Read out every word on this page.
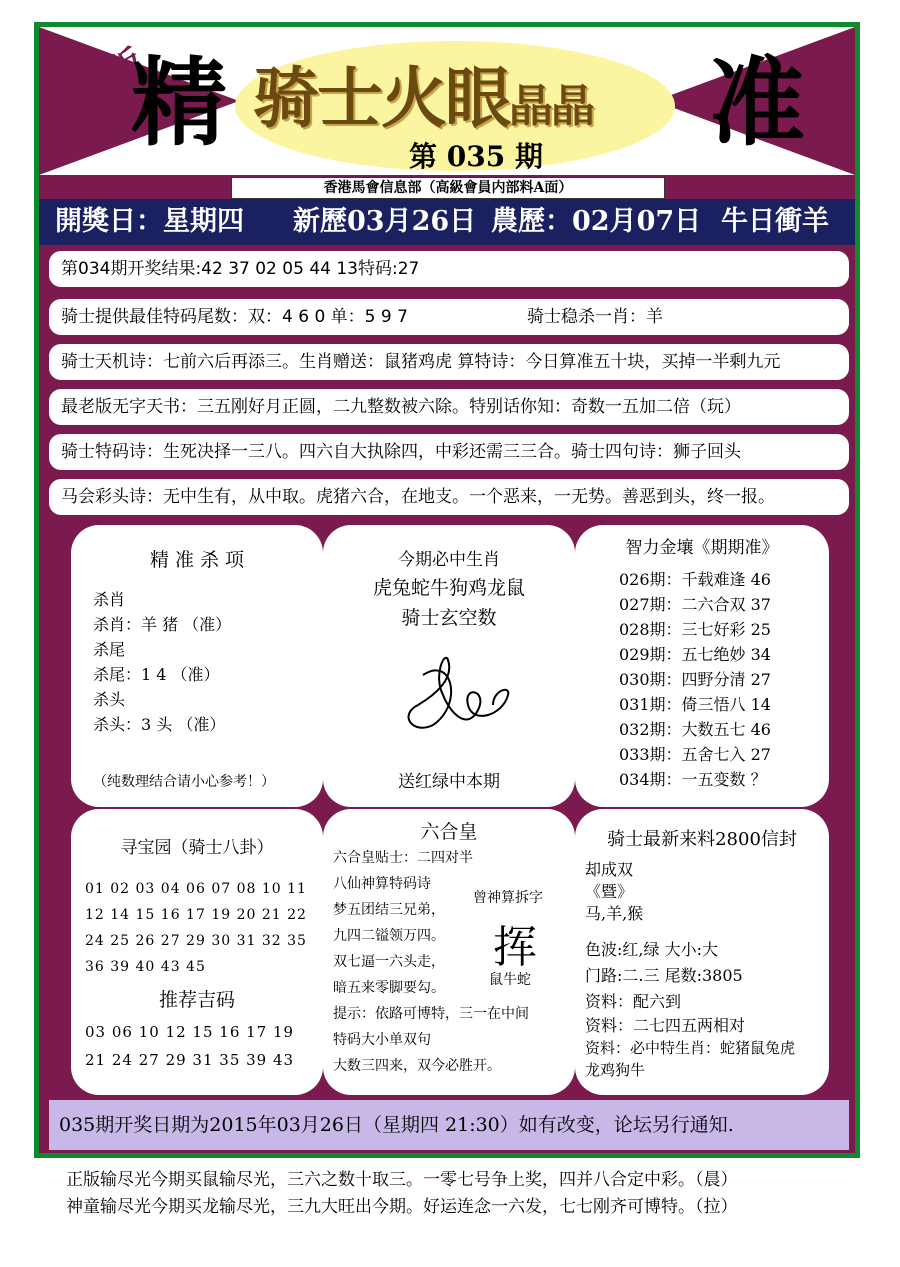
权威版
精 骑士火眼晶晶
第 035 期 准
香港馬會信息部（高級會員内部料A面）
開獎日：星期四 新歷03月26日 農歷：02月07日 牛日衝羊
第034期开奖结果:42 37 02 05 44 13特码:27
骑士提供最佳特码尾数：双：4 6 0 单：5 9 7	骑士稳杀一肖：羊
骑士天机诗：七前六后再添三。生肖赠送：鼠猪鸡虎 算特诗：今日算准五十块，买掉一半剩九元
最老版无字天书：三五刚好月正圆，二九整数被六除。特别话你知：奇数一五加二倍（玩）
骑士特码诗：生死决择一三八。四六自大执除四，中彩还需三三合。骑士四句诗：狮子回头
马会彩头诗：无中生有，从中取。虎猪六合，在地支。一个恶来，一无势。善恶到头，终一报。
精 准 杀 项
杀肖
杀肖：羊 猪 （准）
杀尾
杀尾：1 4 （准）
杀头
杀头：3 头 （准）
（纯数理结合请小心参考！）
今期必中生肖
虎兔蛇牛狗鸡龙鼠
骑士玄空数
送红绿中本期
智力金壤《期期准》
026期：千载难逢 46
027期：二六合双 37
028期：三七好彩 25
029期：五七绝妙 34
030期：四野分清 27
031期：倚三悟八 14
032期：大数五七 46
033期：五舍七入 27
034期：一五变数 ？
寻宝园（骑士八卦）
01 02 03 04 06 07 08 10 11
12 14 15 16 17 19 20 21 22
24 25 26 27 29 30 31 32 35
36 39 40 43 45
推荐吉码
03 06 10 12 15 16 17 19
21 24 27 29 31 35 39 43
六合皇
六合皇贴士：二四对半
八仙神算特码诗
梦五团结三兄弟，
九四二镒领万四。
双七逼一六头走，
暗五来零脚要勾。
提示：依路可博特，三一在中间
特码大小单双句
大数三四来，双今必胜开。
曾神算拆字
挥
鼠牛蛇
骑士最新来料2800信封
却成双
《暨》
马,羊,猴
色波:红,绿 大小:大
门路:二.三 尾数:3805
资料：配六到
资料：二七四五两相对
资料：必中特生肖：蛇猪鼠兔虎
龙鸡狗牛
035期开奖日期为2015年03月26日（星期四 21:30）如有改变，论坛另行通知.
正版输尽光今期买鼠输尽光，三六之数十取三。一零七号争上奖，四并八合定中彩。（晨）
神童输尽光今期买龙输尽光，三九大旺出今期。好运连念一六发，七七刚齐可博特。（拉）
